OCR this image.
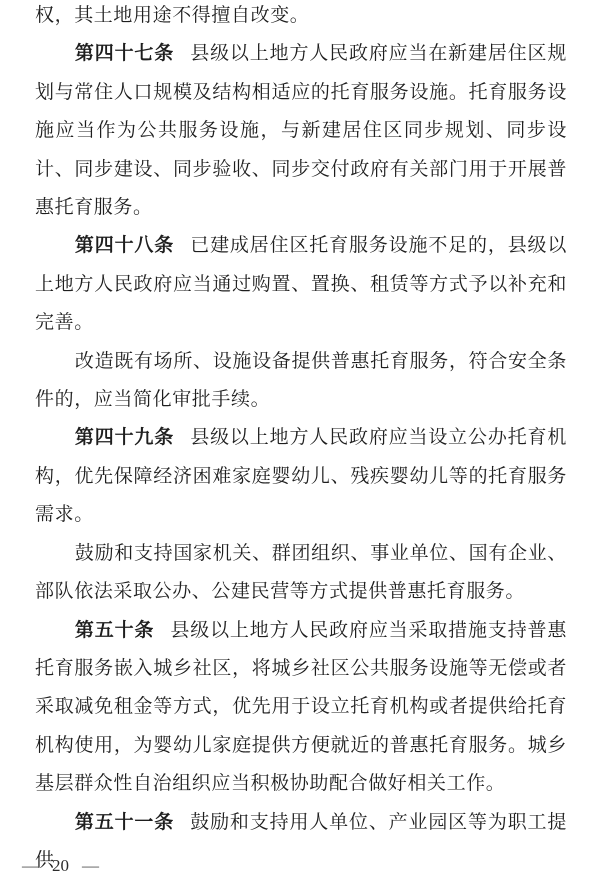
权，其土地用途不得擅自改变。

第四十七条 县级以上地方人民政府应当在新建居住区规划与常住人口规模及结构相适应的托育服务设施。托育服务设施应当作为公共服务设施，与新建居住区同步规划、同步设计、同步建设、同步验收、同步交付政府有关部门用于开展普惠托育服务。

第四十八条 已建成居住区托育服务设施不足的，县级以上地方人民政府应当通过购置、置换、租赁等方式予以补充和完善。

改造既有场所、设施设备提供普惠托育服务，符合安全条件的，应当简化审批手续。

第四十九条 县级以上地方人民政府应当设立公办托育机构，优先保障经济困难家庭婴幼儿、残疾婴幼儿等的托育服务需求。

鼓励和支持国家机关、群团组织、事业单位、国有企业、部队依法采取公办、公建民营等方式提供普惠托育服务。

第五十条 县级以上地方人民政府应当采取措施支持普惠托育服务嵌入城乡社区，将城乡社区公共服务设施等无偿或者采取减免租金等方式，优先用于设立托育机构或者提供给托育机构使用，为婴幼儿家庭提供方便就近的普惠托育服务。城乡基层群众性自治组织应当积极协助配合做好相关工作。

第五十一条 鼓励和支持用人单位、产业园区等为职工提供

— 20 —
